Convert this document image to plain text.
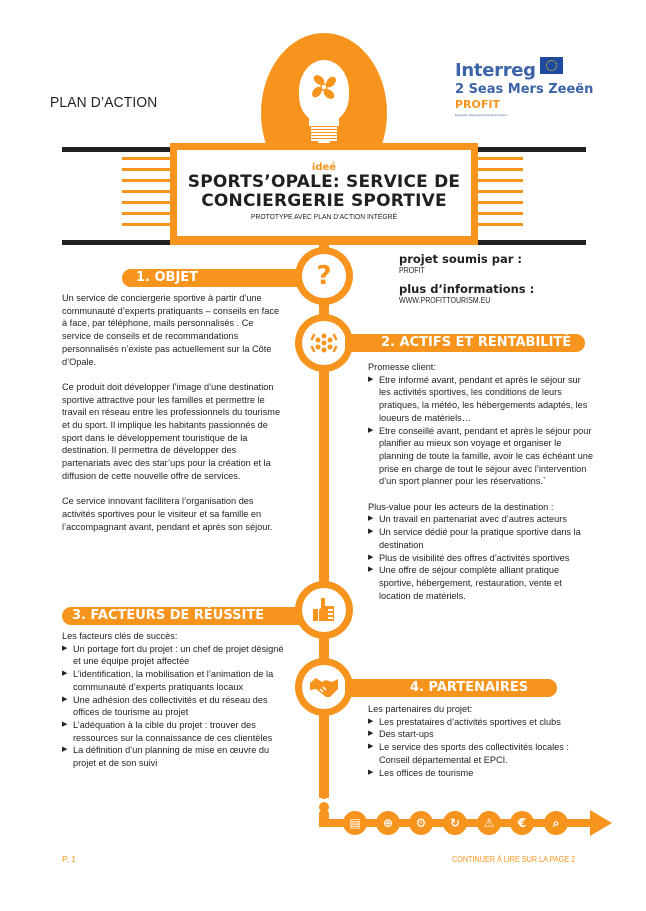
PLAN D’ACTION
Interreg
2 Seas Mers Zeeën
PROFIT
European Regional Development Fund
ideé
SPORTS’OPALE: SERVICE DE
CONCIERGERIE SPORTIVE
PROTOTYPE AVEC PLAN D’ACTION INTÉGRÉ
?
1. OBJET
projet soumis par :
PROFIT
plus d’informations :
WWW.PROFITTOURISM.EU

Un service de conciergerie sportive à partir d’une communauté d’experts pratiquants – conseils en face à face, par téléphone, mails personnalisés . Ce service de conseils et de recommandations personnalisés n’existe pas actuellement sur la Côte d’Opale.

Ce produit doit développer l’image d’une destination sportive attractive pour les familles et permettre le travail en réseau entre les professionnels du tourisme et du sport. Il implique les habitants passionnés de sport dans le développement touristique de la destination. Il permettra de développer des partenariats avec des star’ups pour la création et la diffusion de cette nouvelle offre de services.

Ce service innovant facilitera l’organisation des activités sportives pour le visiteur et sa famille en l’accompagnant avant, pendant et après son séjour.

2. ACTIFS ET RENTABILITÉ
Promesse client:
▶ Etre informé avant, pendant et après le séjour sur les activités sportives, les conditions de leurs pratiques, la météo, les hébergements adaptés, les loueurs de matériels…
▶ Etre conseillé avant, pendant et après le séjour pour planifier au mieux son voyage et organiser le planning de toute la famille, avoir le cas échéant une prise en charge de tout le séjour avec l’intervention d’un sport planner pour les réservations.`
Plus-value pour les acteurs de la destination :
▶ Un travail en partenariat avec d’autres acteurs
▶ Un service dédié pour la pratique sportive dans la destination
▶ Plus de visibilité des offres d’activités sportives
▶ Une offre de séjour complète alliant pratique sportive, hébergement, restauration, vente et location de matériels.
3. FACTEURS DE RÉUSSITE
Les facteurs clés de succès:
▶ Un portage fort du projet : un chef de projet désigné et une équipe projet affectée
▶ L’identification, la mobilisation et l’animation de la communauté d’experts pratiquants locaux
▶ Une adhésion des collectivités et du réseau des offices de tourisme au projet
▶ L’adéquation à la cible du projet : trouver des ressources sur la connaissance de ces clientèles
▶ La définition d’un planning de mise en œuvre du projet et de son suivi
4. PARTENAIRES
Les partenaires du projet:
▶ Les prestataires d’activités sportives et clubs
▶ Des start-ups
▶ Le service des sports des collectivités locales : Conseil départemental et EPCI.
▶ Les offices de tourisme
▤ ⊕ ⚙ ↻ ⚠ € ⌕
P. 1	CONTINUER À LIRE SUR LA PAGE 2
